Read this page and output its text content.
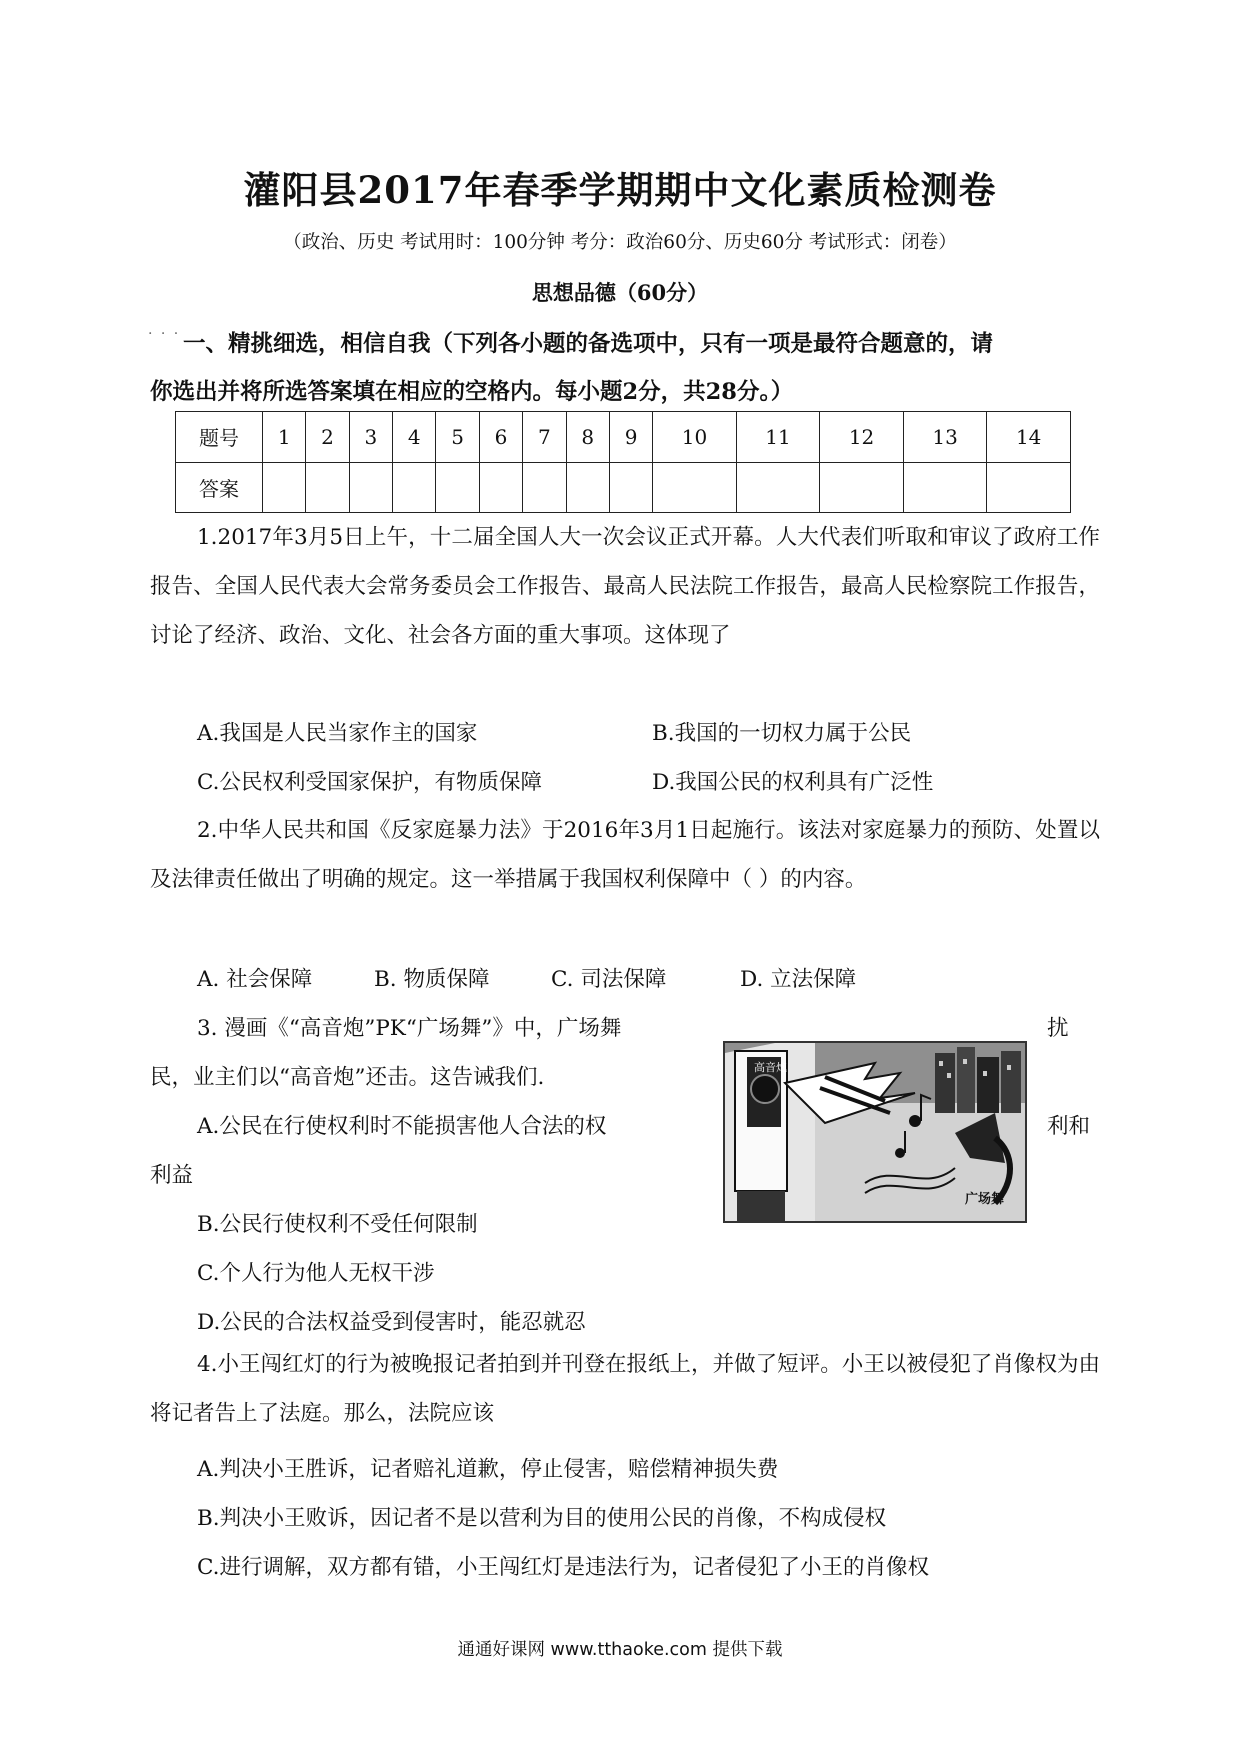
灌阳县2017年春季学期期中文化素质检测卷
（政治、历史 考试用时：100分钟 考分：政治60分、历史60分 考试形式：闭卷）
思想品德（60分）
. . .
一、精挑细选，相信自我（下列各小题的备选项中，只有一项是最符合题意的，请
你选出并将所选答案填在相应的空格内。每小题2分，共28分。）
题号	1	2	3	4	5	6	7	8	9	10	11	12	13	14
答案														
1.2017年3月5日上午，十二届全国人大一次会议正式开幕。人大代表们听取和审议了政府工作报告、全国人民代表大会常务委员会工作报告、最高人民法院工作报告，最高人民检察院工作报告，讨论了经济、政治、文化、社会各方面的重大事项。这体现了
A.我国是人民当家作主的国家	B.我国的一切权力属于公民
C.公民权利受国家保护，有物质保障	D.我国公民的权利具有广泛性
2.中华人民共和国《反家庭暴力法》于2016年3月1日起施行。该法对家庭暴力的预防、处置以及法律责任做出了明确的规定。这一举措属于我国权利保障中（ ）的内容。
A. 社会保障	B. 物质保障	C. 司法保障	D. 立法保障
3. 漫画《“高音炮”PK“广场舞”》中，广场舞	扰
民，业主们以“高音炮”还击。这告诫我们.
A.公民在行使权利时不能损害他人合法的权	利和
利益
B.公民行使权利不受任何限制
C.个人行为他人无权干涉
D.公民的合法权益受到侵害时，能忍就忍
高音炮
广场舞
4.小王闯红灯的行为被晚报记者拍到并刊登在报纸上，并做了短评。小王以被侵犯了肖像权为由将记者告上了法庭。那么，法院应该
A.判决小王胜诉，记者赔礼道歉，停止侵害，赔偿精神损失费
B.判决小王败诉，因记者不是以营利为目的使用公民的肖像，不构成侵权
C.进行调解，双方都有错，小王闯红灯是违法行为，记者侵犯了小王的肖像权
通通好课网 www.tthaoke.com 提供下载
